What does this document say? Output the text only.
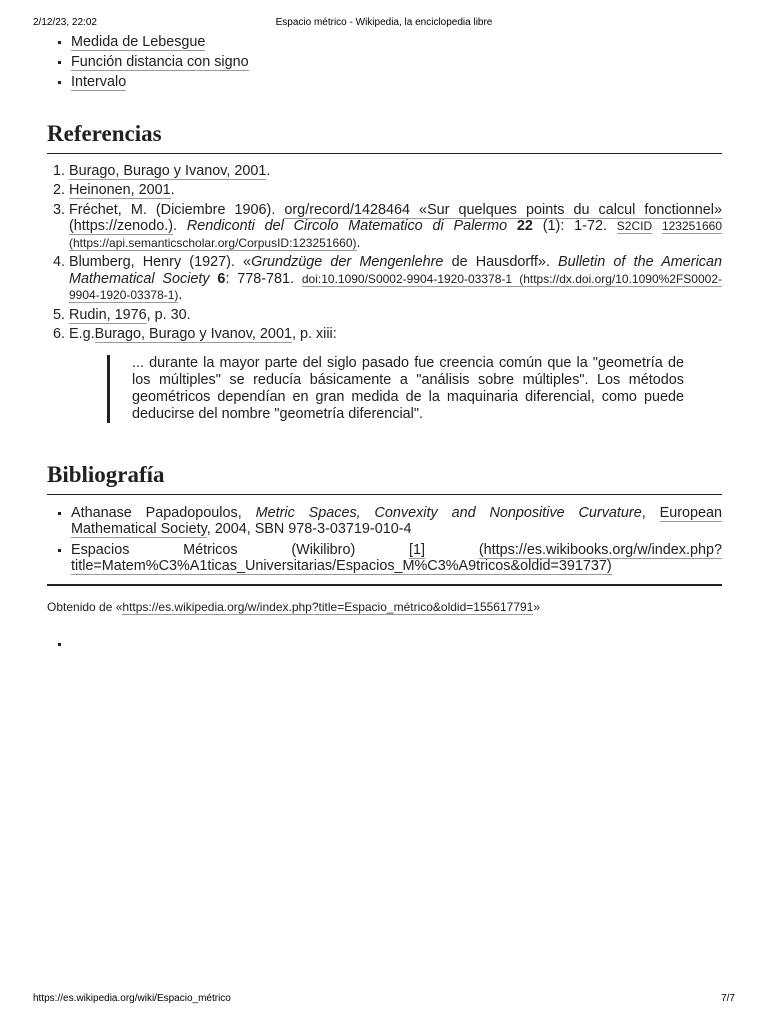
2/12/23, 22:02	Espacio métrico - Wikipedia, la enciclopedia libre
▪ Medida de Lebesgue
▪ Función distancia con signo
▪ Intervalo
Referencias
1. Burago, Burago y Ivanov, 2001.
2. Heinonen, 2001.
3. Fréchet, M. (Diciembre 1906). org/record/1428464 «Sur quelques points du calcul fonctionnel» (https://zenodo.). Rendiconti del Circolo Matematico di Palermo 22 (1): 1-72. S2CID 123251660 (https://api.semanticscholar.org/CorpusID:123251660).
4. Blumberg, Henry (1927). «Grundzüge der Mengenlehre de Hausdorff». Bulletin of the American Mathematical Society 6: 778-781. doi:10.1090/S0002-9904-1920-03378-1 (https://dx.doi.org/10.1090%2FS0002-9904-1920-03378-1).
5. Rudin, 1976, p. 30.
6. E.g.Burago, Burago y Ivanov, 2001, p. xiii:
... durante la mayor parte del siglo pasado fue creencia común que la "geometría de los múltiples" se reducía básicamente a "análisis sobre múltiples". Los métodos geométricos dependían en gran medida de la maquinaria diferencial, como puede deducirse del nombre "geometría diferencial".
Bibliografía
▪ Athanase Papadopoulos, Metric Spaces, Convexity and Nonpositive Curvature, European Mathematical Society, 2004, SBN 978-3-03719-010-4
▪ Espacios Métricos (Wikilibro) [1]	(https://es.wikibooks.org/w/index.php?title=Matem%C3%A1ticas_Universitarias/Espacios_M%C3%A9tricos&oldid=391737)
Obtenido de «https://es.wikipedia.org/w/index.php?title=Espacio_métrico&oldid=155617791»
▪
https://es.wikipedia.org/wiki/Espacio_métrico	7/7
